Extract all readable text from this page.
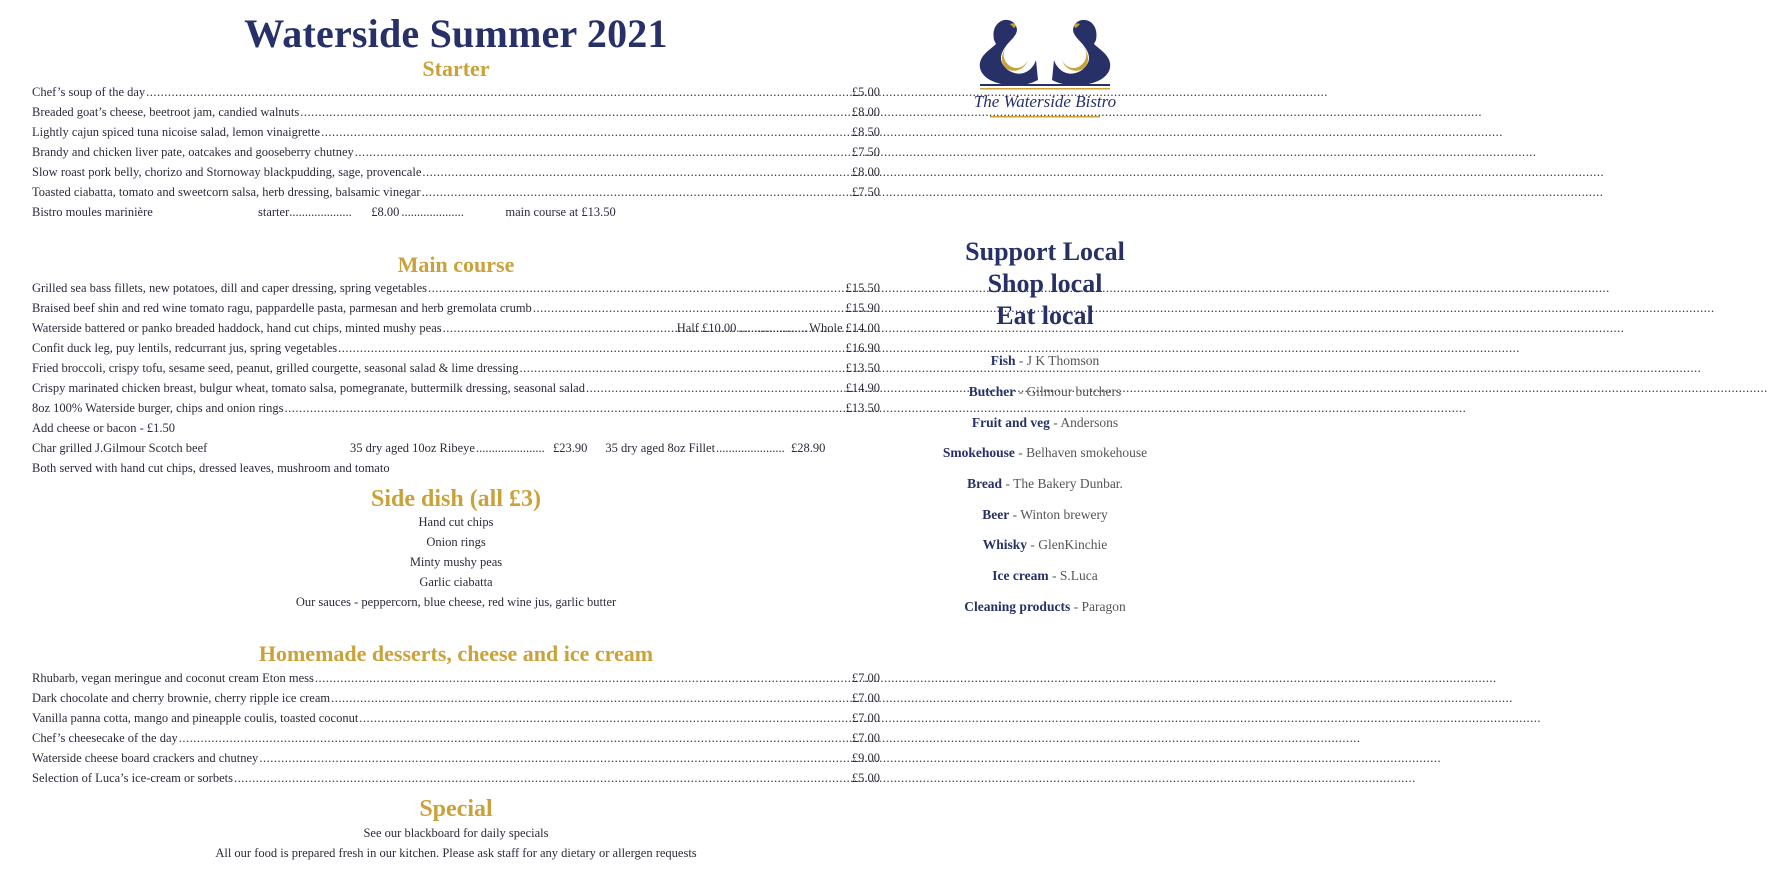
Waterside Summer 2021
Starter
Chef’s soup of the day .....	£5.00
Breaded goat’s cheese, beetroot jam, candied walnuts .....	£8.00
Lightly cajun spiced tuna nicoise salad, lemon vinaigrette .....	£8.50
Brandy and chicken liver pate, oatcakes and gooseberry chutney .....	£7.50
Slow roast pork belly, chorizo and Stornoway blackpudding, sage, provencale .....	£8.00
Toasted ciabatta, tomato and sweetcorn salsa, herb dressing, balsamic vinegar .....	£7.50
Bistro moules marinière	starter ....................	£8.00 ....................	main course at £13.50
Main course
Grilled sea bass fillets, new potatoes, dill and caper dressing, spring vegetables .....	£15.50
Braised beef shin and red wine tomato ragu, pappardelle pasta, parmesan and herb gremolata crumb .....	£15.90
Waterside battered or panko breaded haddock, hand cut chips, minted mushy peas .....	Half £10.00 ...................... Whole £14.00
Confit duck leg, puy lentils, redcurrant jus, spring vegetables .....	£16.90
Fried broccoli, crispy tofu, sesame seed, peanut, grilled courgette, seasonal salad & lime dressing .....	£13.50
Crispy marinated chicken breast, bulgur wheat, tomato salsa, pomegranate, buttermilk dressing, seasonal salad .....	£14.90
8oz 100% Waterside burger, chips and onion rings .....	£13.50
Add cheese or bacon - £1.50
Char grilled J.Gilmour Scotch beef	35 dry aged 10oz Ribeye ...................... £23.90 35 dry aged 8oz Fillet ...................... £28.90
Both served with hand cut chips, dressed leaves, mushroom and tomato
Side dish (all £3)
Hand cut chips
Onion rings
Minty mushy peas
Garlic ciabatta
Our sauces - peppercorn, blue cheese, red wine jus, garlic butter
Homemade desserts, cheese and ice cream
Rhubarb, vegan meringue and coconut cream Eton mess .....	£7.00
Dark chocolate and cherry brownie, cherry ripple ice cream .....	£7.00
Vanilla panna cotta, mango and pineapple coulis, toasted coconut .....	£7.00
Chef’s cheesecake of the day .....	£7.00
Waterside cheese board crackers and chutney .....	£9.00
Selection of Luca’s ice-cream or sorbets .....	£5.00
Special
See our blackboard for daily specials
All our food is prepared fresh in our kitchen. Please ask staff for any dietary or allergen requests
The Waterside Bistro
Support Local
Shop local
Eat local
Fish - J K Thomson
Butcher - Gilmour butchers
Fruit and veg - Andersons
Smokehouse - Belhaven smokehouse
Bread - The Bakery Dunbar.
Beer - Winton brewery
Whisky - GlenKinchie
Ice cream - S.Luca
Cleaning products - Paragon
